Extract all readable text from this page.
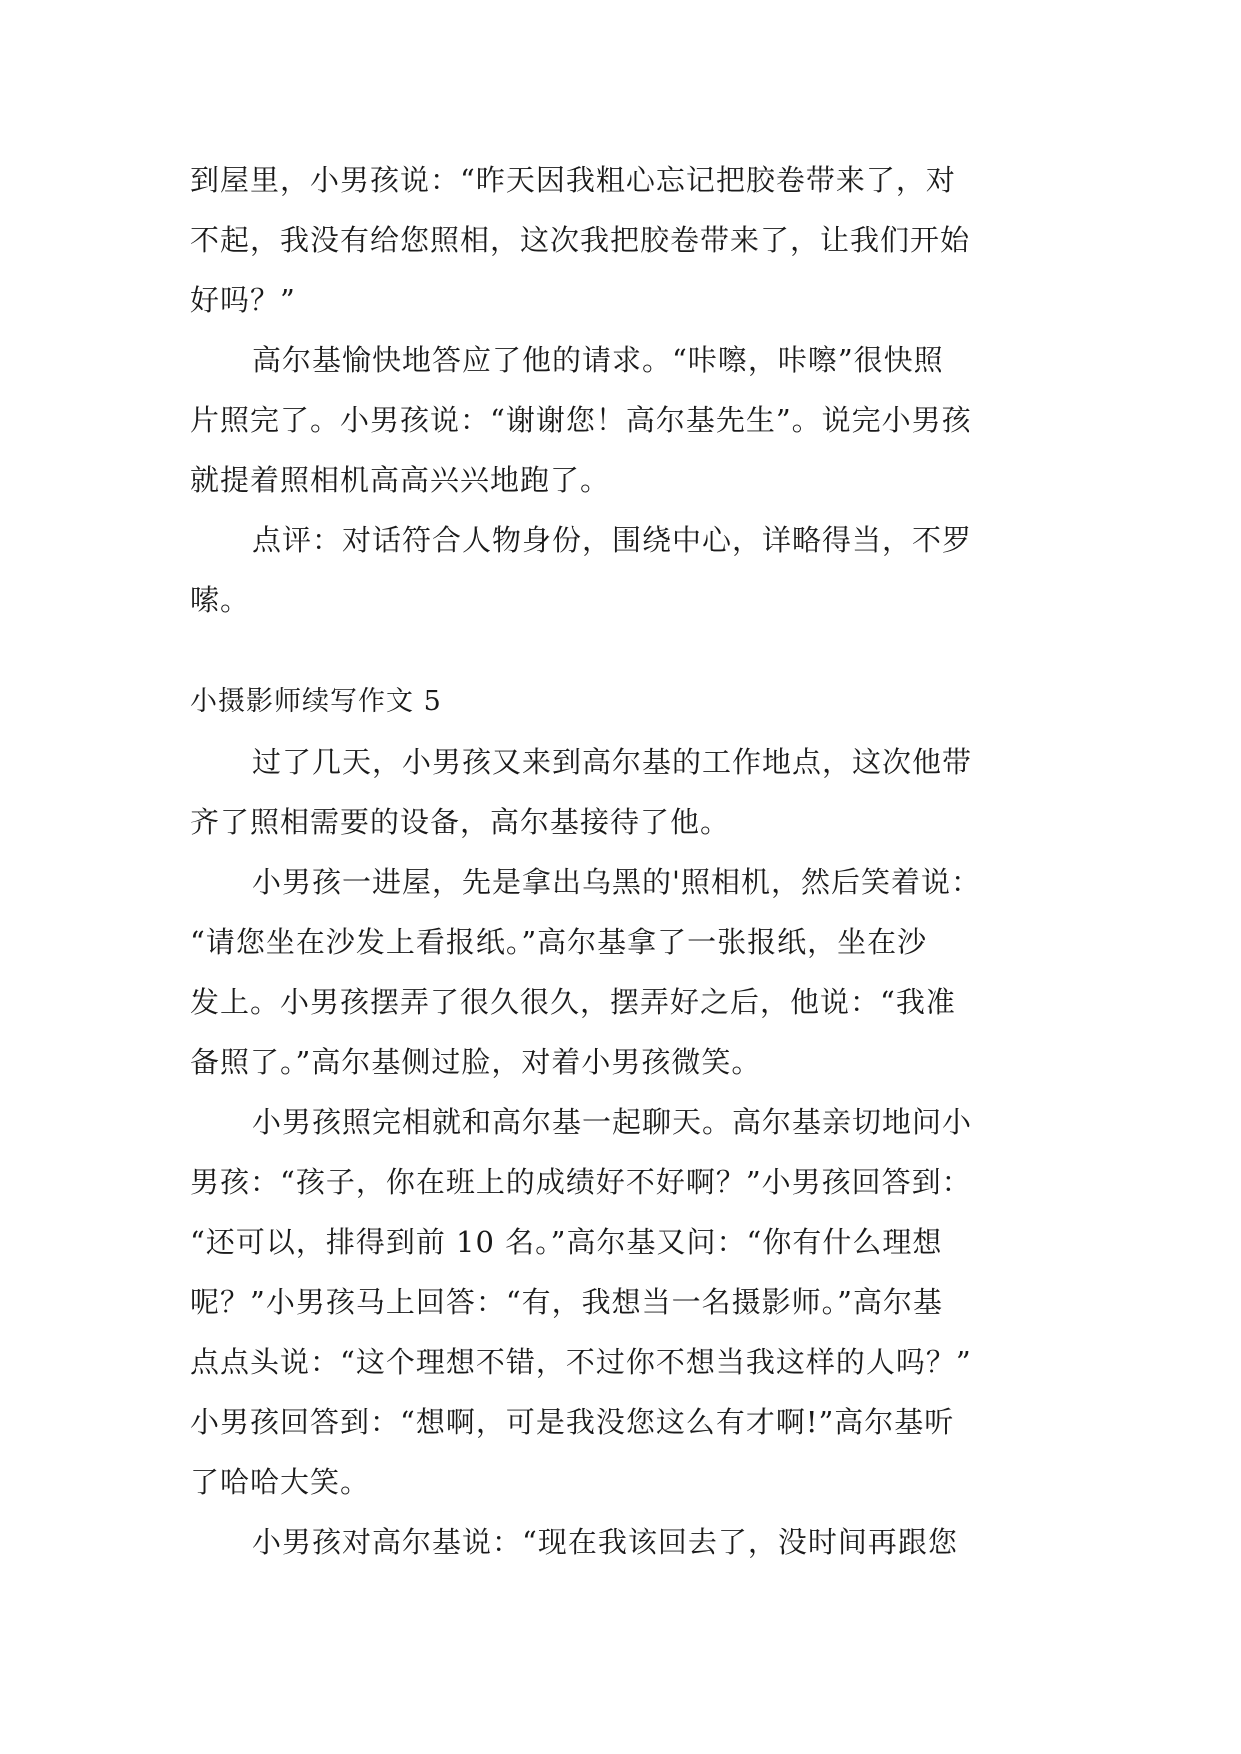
到屋里，小男孩说：“昨天因我粗心忘记把胶卷带来了，对
不起，我没有给您照相，这次我把胶卷带来了，让我们开始
好吗？”
高尔基愉快地答应了他的请求。“咔嚓，咔嚓”很快照
片照完了。小男孩说：“谢谢您！高尔基先生”。说完小男孩
就提着照相机高高兴兴地跑了。
点评：对话符合人物身份，围绕中心，详略得当，不罗
嗦。
小摄影师续写作文 5
过了几天，小男孩又来到高尔基的工作地点，这次他带
齐了照相需要的设备，高尔基接待了他。
小男孩一进屋，先是拿出乌黑的'照相机，然后笑着说：
“请您坐在沙发上看报纸。”高尔基拿了一张报纸，坐在沙
发上。小男孩摆弄了很久很久，摆弄好之后，他说：“我准
备照了。”高尔基侧过脸，对着小男孩微笑。
小男孩照完相就和高尔基一起聊天。高尔基亲切地问小
男孩：“孩子，你在班上的成绩好不好啊？”小男孩回答到：
“还可以，排得到前 10 名。”高尔基又问：“你有什么理想
呢？”小男孩马上回答：“有，我想当一名摄影师。”高尔基
点点头说：“这个理想不错，不过你不想当我这样的人吗？”
小男孩回答到：“想啊，可是我没您这么有才啊!”高尔基听
了哈哈大笑。
小男孩对高尔基说：“现在我该回去了，没时间再跟您
